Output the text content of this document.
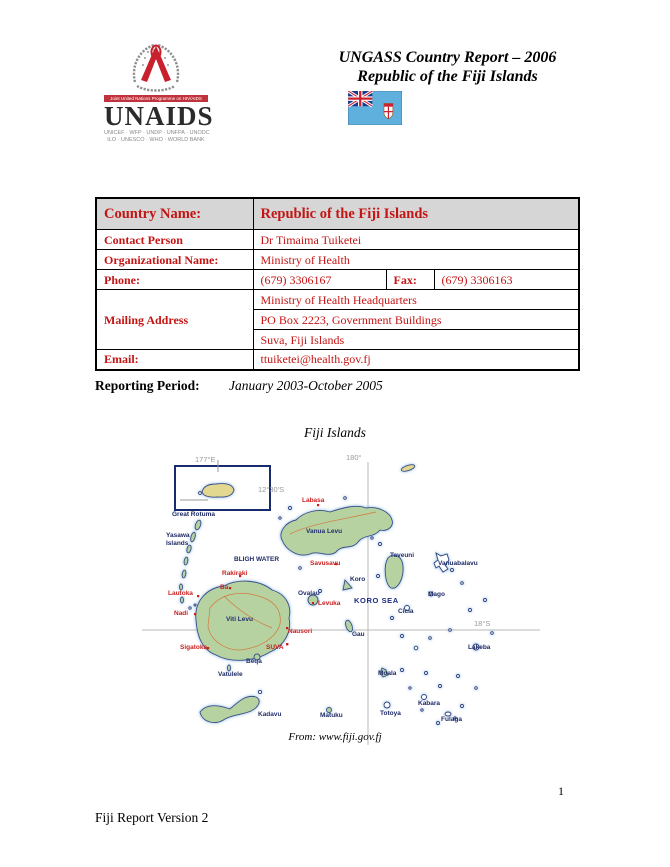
Joint United Nations Programme on HIV/AIDS
UNAIDS
UNICEF · WFP · UNDP · UNFPA · UNODC
ILO · UNESCO · WHO · WORLD BANK
UNGASS Country Report – 2006
Republic of the Fiji Islands
Country Name:	Republic of the Fiji Islands		
Contact Person	Dr Timaima Tuiketei		
Organizational Name:	Ministry of Health		
Phone:	(679) 3306167	Fax:	(679) 3306163
Mailing Address	Ministry of Health Headquarters		
	PO Box 2223, Government Buildings		
	Suva, Fiji Islands		
Email:	ttuiketei@health.gov.fj		
Reporting Period: January 2003-October 2005
Fiji Islands
177°E
12°30'S
Great Rotuma
180°
Yasawa
Islands
Labasa
Vanua Levu
Savusavu
Taveuni
Vanuabalavu
BLIGH WATER
Rakiraki
Ba
Lautoka
Nadi
Viti Levu
Ovalau
Levuka
Koro
KORO SEA
Mago
Cicia
Nausori	Gau
SUVA
18°S
Lakeba
Sigatoka
Beqa
Vatulele	Moala
Kadavu	Matuku	Totoya
Kabara
Fulaga
From: www.fiji.gov.fj
1
Fiji Report Version 2
